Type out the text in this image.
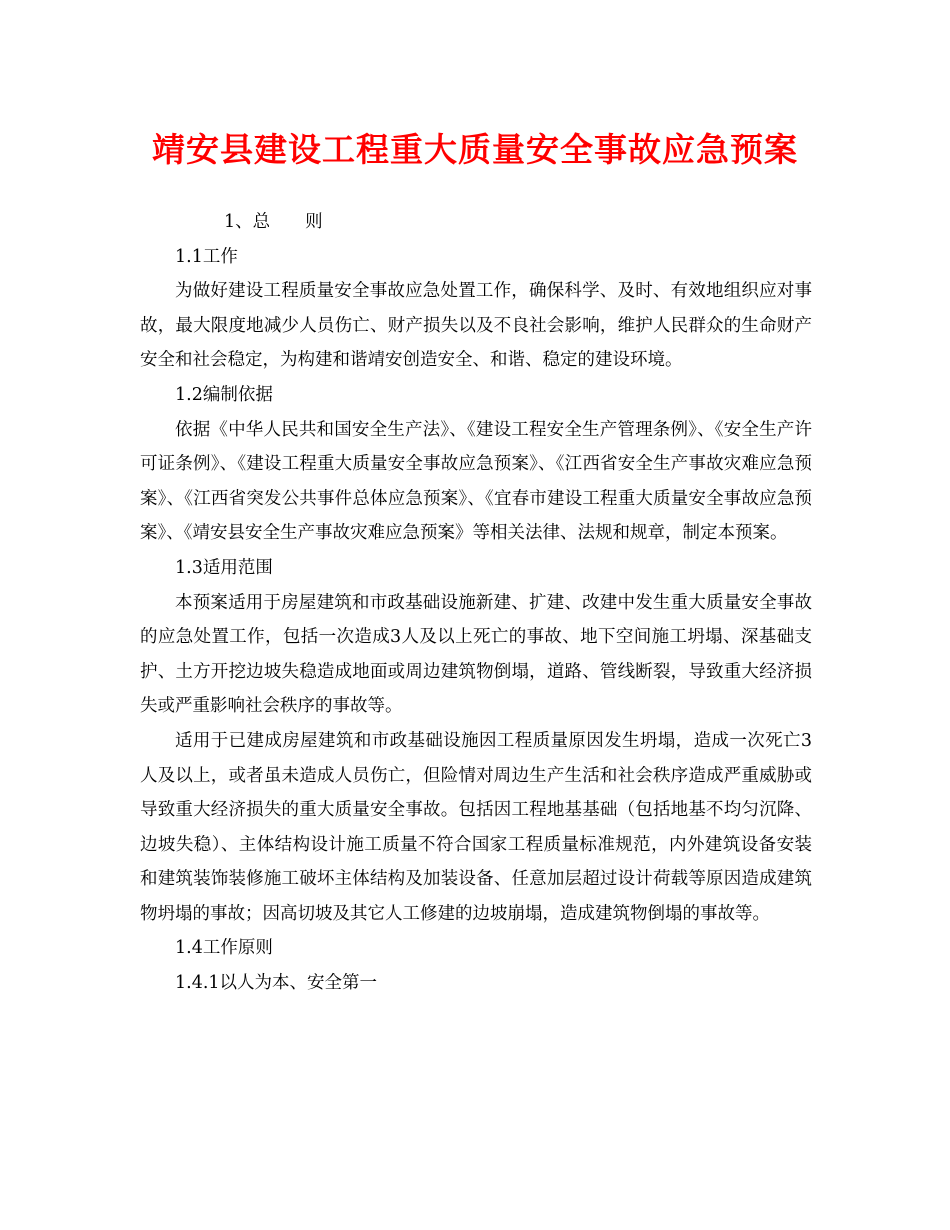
靖安县建设工程重大质量安全事故应急预案

1、总　　则

1.1工作

为做好建设工程质量安全事故应急处置工作，确保科学、及时、有效地组织应对事故，最大限度地减少人员伤亡、财产损失以及不良社会影响，维护人民群众的生命财产安全和社会稳定，为构建和谐靖安创造安全、和谐、稳定的建设环境。

1.2编制依据

依据《中华人民共和国安全生产法》、《建设工程安全生产管理条例》、《安全生产许可证条例》、《建设工程重大质量安全事故应急预案》、《江西省安全生产事故灾难应急预案》、《江西省突发公共事件总体应急预案》、《宜春市建设工程重大质量安全事故应急预案》、《靖安县安全生产事故灾难应急预案》等相关法律、法规和规章，制定本预案。

1.3适用范围

本预案适用于房屋建筑和市政基础设施新建、扩建、改建中发生重大质量安全事故的应急处置工作，包括一次造成3人及以上死亡的事故、地下空间施工坍塌、深基础支护、土方开挖边坡失稳造成地面或周边建筑物倒塌，道路、管线断裂，导致重大经济损失或严重影响社会秩序的事故等。

适用于已建成房屋建筑和市政基础设施因工程质量原因发生坍塌，造成一次死亡3人及以上，或者虽未造成人员伤亡，但险情对周边生产生活和社会秩序造成严重威胁或导致重大经济损失的重大质量安全事故。包括因工程地基基础（包括地基不均匀沉降、边坡失稳）、主体结构设计施工质量不符合国家工程质量标准规范，内外建筑设备安装和建筑装饰装修施工破坏主体结构及加装设备、任意加层超过设计荷载等原因造成建筑物坍塌的事故；因高切坡及其它人工修建的边坡崩塌，造成建筑物倒塌的事故等。

1.4工作原则

1.4.1以人为本、安全第一
